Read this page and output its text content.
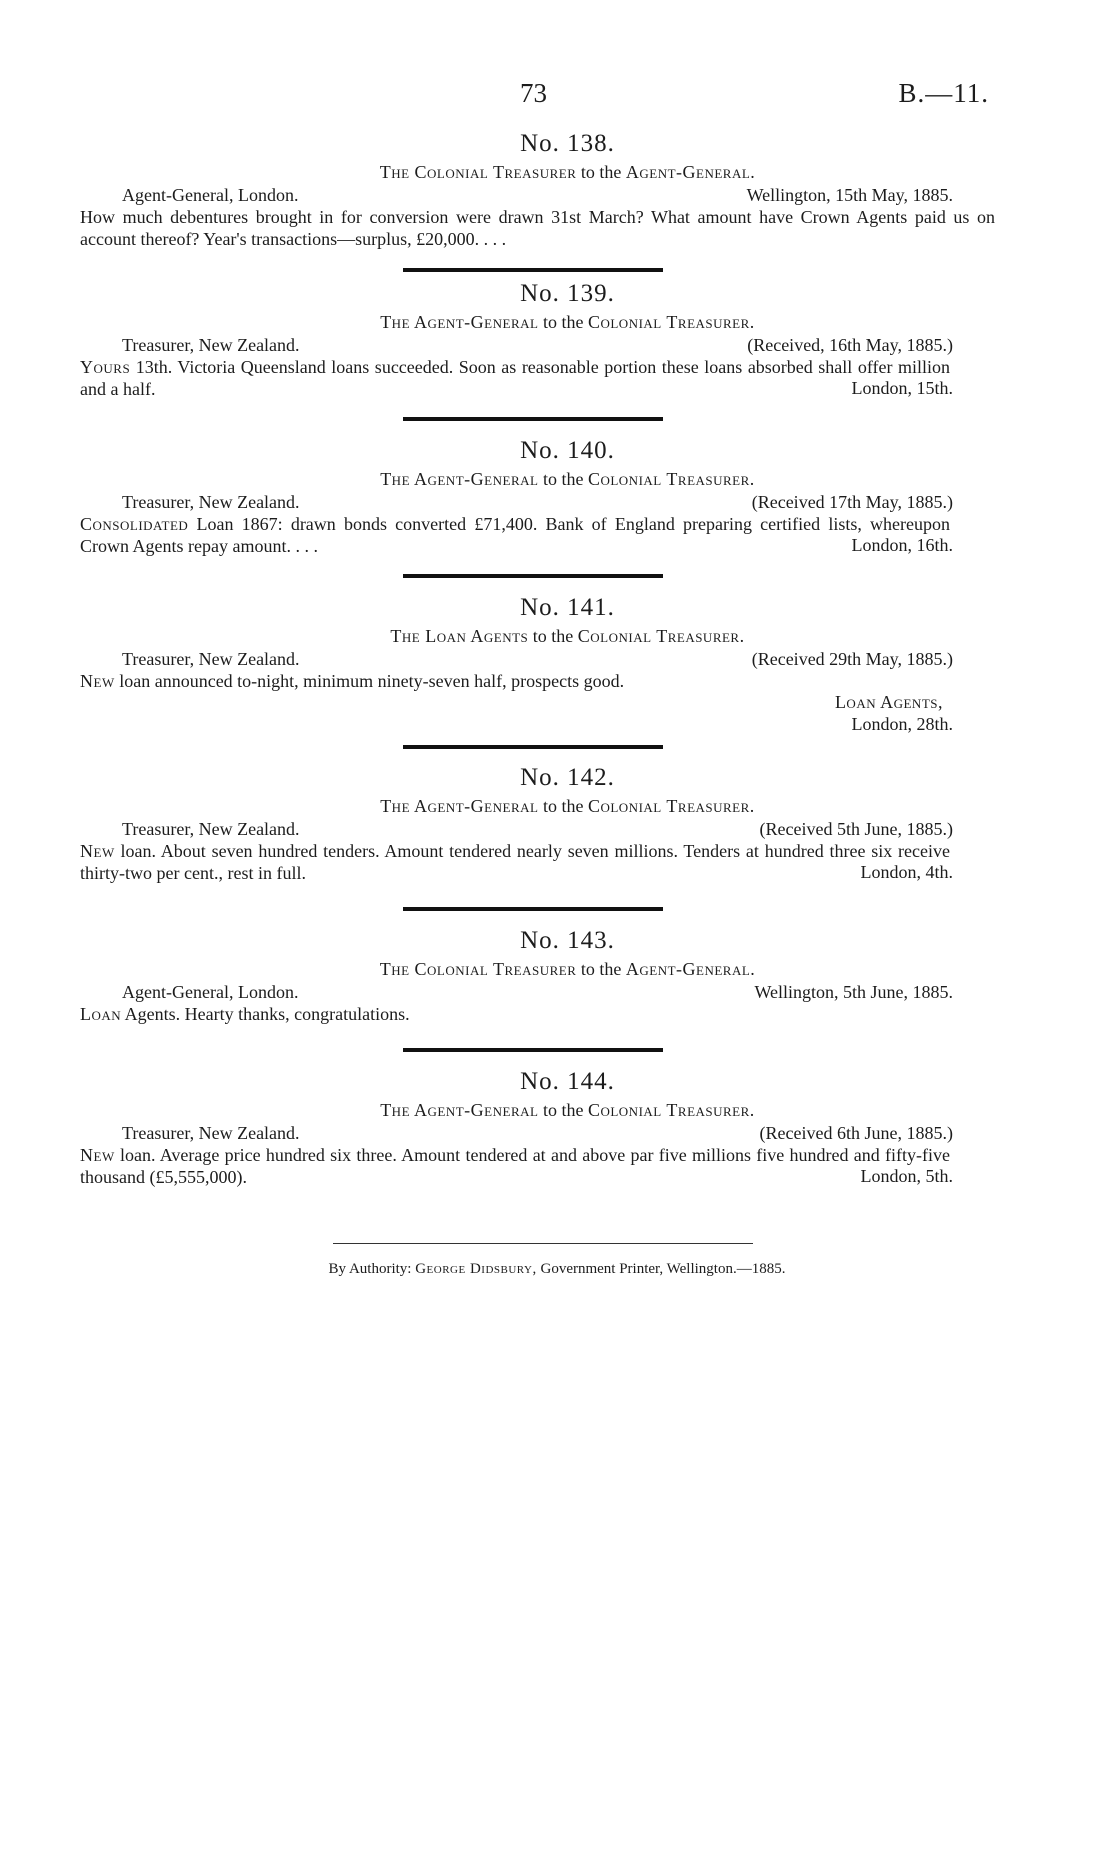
73	B.—11.
No. 138.
The Colonial Treasurer to the Agent-General.
Agent-General, London.	Wellington, 15th May, 1885.
How much debentures brought in for conversion were drawn 31st March? What amount have Crown Agents paid us on account thereof? Year's transactions—surplus, £20,000. . . .
No. 139.
The Agent-General to the Colonial Treasurer.
Treasurer, New Zealand.	(Received, 16th May, 1885.)
Yours 13th. Victoria Queensland loans succeeded. Soon as reasonable portion these loans absorbed shall offer million and a half.	London, 15th.
No. 140.
The Agent-General to the Colonial Treasurer.
Treasurer, New Zealand.	(Received 17th May, 1885.)
Consolidated Loan 1867: drawn bonds converted £71,400. Bank of England preparing certified lists, whereupon Crown Agents repay amount. . . .	London, 16th.
No. 141.
The Loan Agents to the Colonial Treasurer.
Treasurer, New Zealand.	(Received 29th May, 1885.)
New loan announced to-night, minimum ninety-seven half, prospects good.
Loan Agents,
London, 28th.
No. 142.
The Agent-General to the Colonial Treasurer.
Treasurer, New Zealand.	(Received 5th June, 1885.)
New loan. About seven hundred tenders. Amount tendered nearly seven millions. Tenders at hundred three six receive thirty-two per cent., rest in full.	London, 4th.
No. 143.
The Colonial Treasurer to the Agent-General.
Agent-General, London.	Wellington, 5th June, 1885.
Loan Agents. Hearty thanks, congratulations.
No. 144.
The Agent-General to the Colonial Treasurer.
Treasurer, New Zealand.	(Received 6th June, 1885.)
New loan. Average price hundred six three. Amount tendered at and above par five millions five hundred and fifty-five thousand (£5,555,000).	London, 5th.
By Authority: George Didsbury, Government Printer, Wellington.—1885.
